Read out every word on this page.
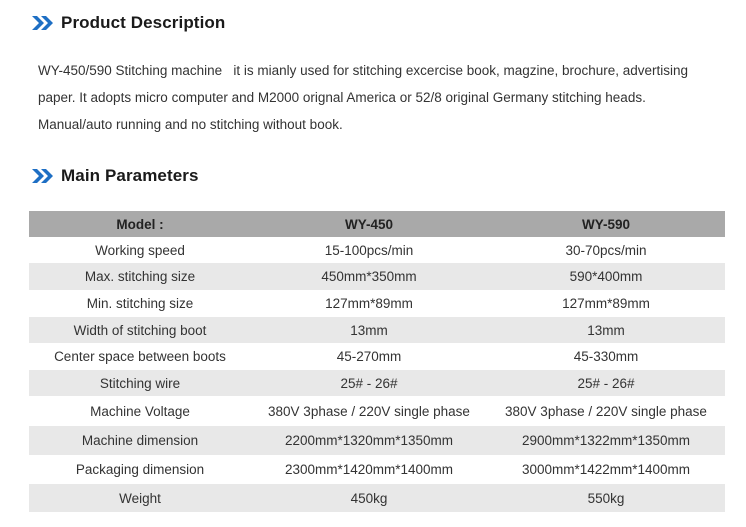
Product Description
WY-450/590 Stitching machine   it is mianly used for stitching excercise book, magzine, brochure, advertising paper. It adopts micro computer and M2000 orignal America or 52/8 original Germany stitching heads. Manual/auto running and no stitching without book.
Main Parameters
Model :	WY-450	WY-590
Working speed	15-100pcs/min	30-70pcs/min
Max. stitching size	450mm*350mm	590*400mm
Min. stitching size	127mm*89mm	127mm*89mm
Width of stitching boot	13mm	13mm
Center space between boots	45-270mm	45-330mm
Stitching wire	25# - 26#	25# - 26#
Machine Voltage	380V 3phase / 220V single phase	380V 3phase / 220V single phase
Machine dimension	2200mm*1320mm*1350mm	2900mm*1322mm*1350mm
Packaging dimension	2300mm*1420mm*1400mm	3000mm*1422mm*1400mm
Weight	450kg	550kg
